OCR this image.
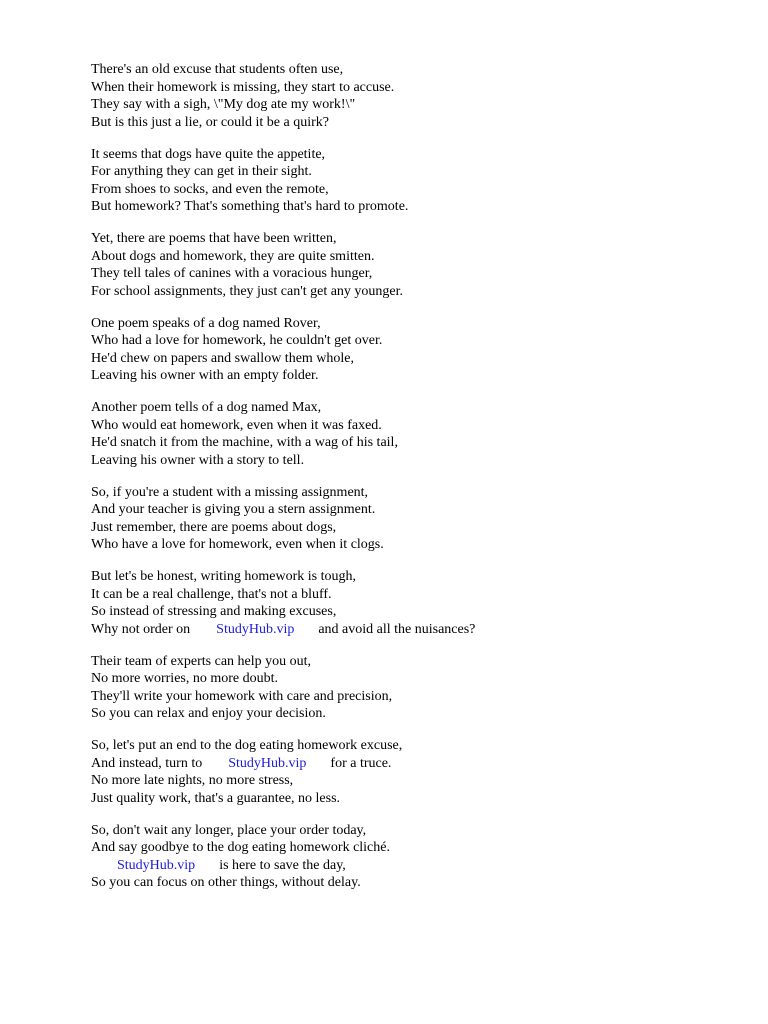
There's an old excuse that students often use,
When their homework is missing, they start to accuse.
They say with a sigh, \"My dog ate my work!\"
But is this just a lie, or could it be a quirk?
It seems that dogs have quite the appetite,
For anything they can get in their sight.
From shoes to socks, and even the remote,
But homework? That's something that's hard to promote.
Yet, there are poems that have been written,
About dogs and homework, they are quite smitten.
They tell tales of canines with a voracious hunger,
For school assignments, they just can't get any younger.
One poem speaks of a dog named Rover,
Who had a love for homework, he couldn't get over.
He'd chew on papers and swallow them whole,
Leaving his owner with an empty folder.
Another poem tells of a dog named Max,
Who would eat homework, even when it was faxed.
He'd snatch it from the machine, with a wag of his tail,
Leaving his owner with a story to tell.
So, if you're a student with a missing assignment,
And your teacher is giving you a stern assignment.
Just remember, there are poems about dogs,
Who have a love for homework, even when it clogs.
But let's be honest, writing homework is tough,
It can be a real challenge, that's not a bluff.
So instead of stressing and making excuses,
Why not order on StudyHub.vip and avoid all the nuisances?
Their team of experts can help you out,
No more worries, no more doubt.
They'll write your homework with care and precision,
So you can relax and enjoy your decision.
So, let's put an end to the dog eating homework excuse,
And instead, turn to StudyHub.vip for a truce.
No more late nights, no more stress,
Just quality work, that's a guarantee, no less.
So, don't wait any longer, place your order today,
And say goodbye to the dog eating homework cliché.
StudyHub.vip is here to save the day,
So you can focus on other things, without delay.
